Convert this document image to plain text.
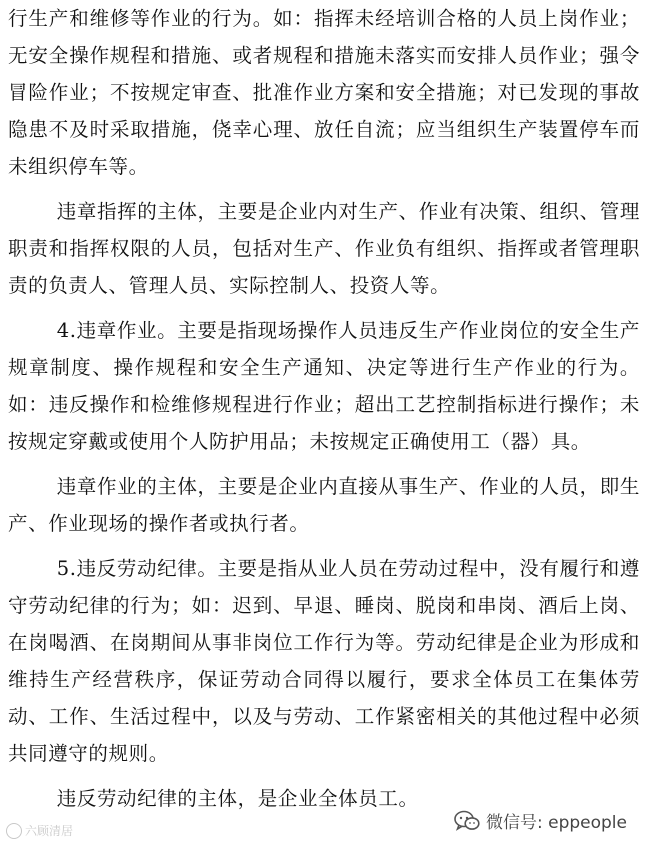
行生产和维修等作业的行为。如：指挥未经培训合格的人员上岗作业；无安全操作规程和措施、或者规程和措施未落实而安排人员作业；强令冒险作业；不按规定审查、批准作业方案和安全措施；对已发现的事故隐患不及时采取措施，侥幸心理、放任自流；应当组织生产装置停车而未组织停车等。

违章指挥的主体，主要是企业内对生产、作业有决策、组织、管理职责和指挥权限的人员，包括对生产、作业负有组织、指挥或者管理职责的负责人、管理人员、实际控制人、投资人等。

4.违章作业。主要是指现场操作人员违反生产作业岗位的安全生产规章制度、操作规程和安全生产通知、决定等进行生产作业的行为。如：违反操作和检维修规程进行作业；超出工艺控制指标进行操作；未按规定穿戴或使用个人防护用品；未按规定正确使用工（器）具。

违章作业的主体，主要是企业内直接从事生产、作业的人员，即生产、作业现场的操作者或执行者。

5.违反劳动纪律。主要是指从业人员在劳动过程中，没有履行和遵守劳动纪律的行为；如：迟到、早退、睡岗、脱岗和串岗、酒后上岗、在岗喝酒、在岗期间从事非岗位工作行为等。劳动纪律是企业为形成和维持生产经营秩序，保证劳动合同得以履行，要求全体员工在集体劳动、工作、生活过程中，以及与劳动、工作紧密相关的其他过程中必须共同遵守的规则。

违反劳动纪律的主体，是企业全体员工。

六顾清居	微信号: eppeople
